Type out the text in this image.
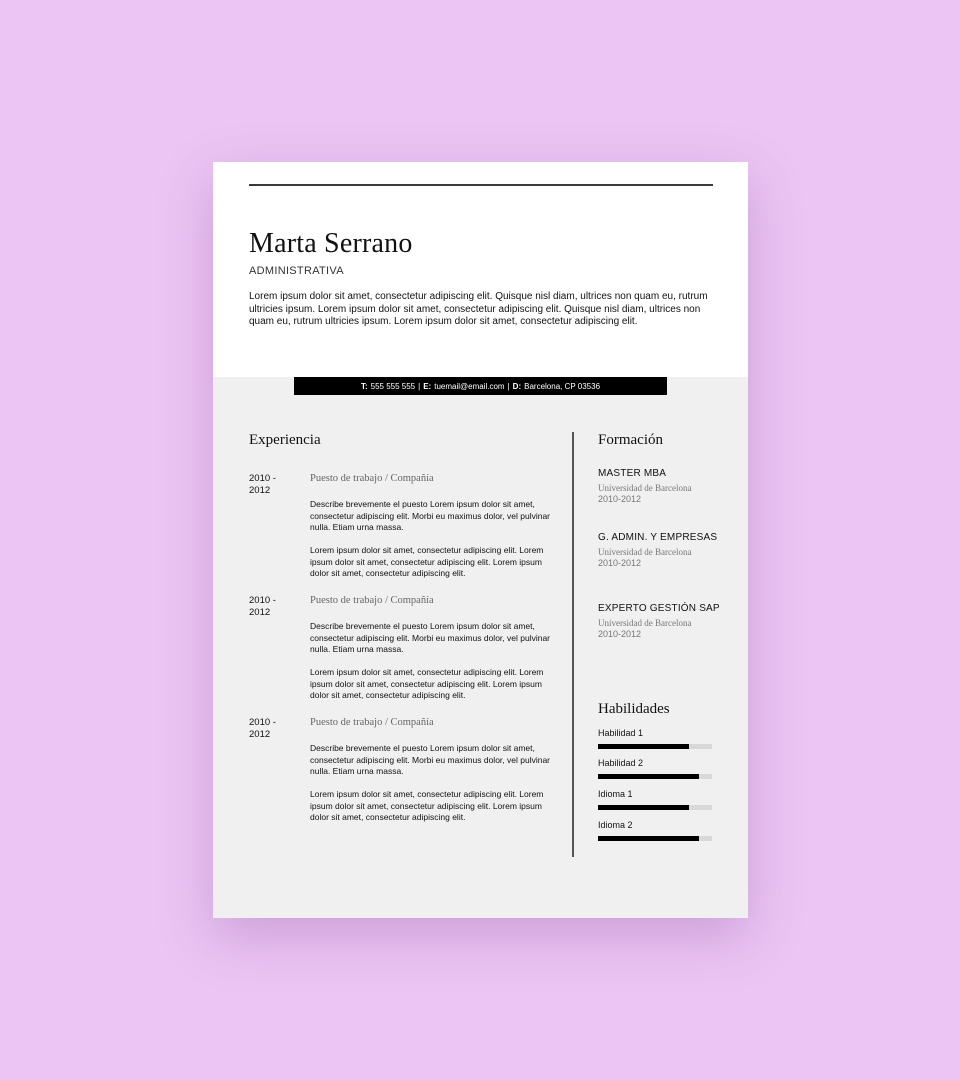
Marta Serrano
ADMINISTRATIVA
Lorem ipsum dolor sit amet, consectetur adipiscing elit. Quisque nisl diam, ultrices non quam eu, rutrum ultricies ipsum. Lorem ipsum dolor sit amet, consectetur adipiscing elit. Quisque nisl diam, ultrices non quam eu, rutrum ultricies ipsum. Lorem ipsum dolor sit amet, consectetur adipiscing elit.
T: 555 555 555 | E: tuemail@email.com | D: Barcelona, CP 03536
Experiencia
2010 - 2012
Puesto de trabajo / Compañía
Describe brevemente el puesto Lorem ipsum dolor sit amet, consectetur adipiscing elit. Morbi eu maximus dolor, vel pulvinar nulla. Etiam urna massa.
Lorem ipsum dolor sit amet, consectetur adipiscing elit. Lorem ipsum dolor sit amet, consectetur adipiscing elit. Lorem ipsum dolor sit amet, consectetur adipiscing elit.
2010 - 2012
Puesto de trabajo / Compañía
Describe brevemente el puesto Lorem ipsum dolor sit amet, consectetur adipiscing elit. Morbi eu maximus dolor, vel pulvinar nulla. Etiam urna massa.
Lorem ipsum dolor sit amet, consectetur adipiscing elit. Lorem ipsum dolor sit amet, consectetur adipiscing elit. Lorem ipsum dolor sit amet, consectetur adipiscing elit.
2010 - 2012
Puesto de trabajo / Compañía
Describe brevemente el puesto Lorem ipsum dolor sit amet, consectetur adipiscing elit. Morbi eu maximus dolor, vel pulvinar nulla. Etiam urna massa.
Lorem ipsum dolor sit amet, consectetur adipiscing elit. Lorem ipsum dolor sit amet, consectetur adipiscing elit. Lorem ipsum dolor sit amet, consectetur adipiscing elit.
Formación
MASTER MBA
Universidad de Barcelona
2010-2012
G. ADMIN. Y EMPRESAS
Universidad de Barcelona
2010-2012
EXPERTO GESTIÓN SAP
Universidad de Barcelona
2010-2012
Habilidades
Habilidad 1
Habilidad 2
Idioma 1
Idioma 2
